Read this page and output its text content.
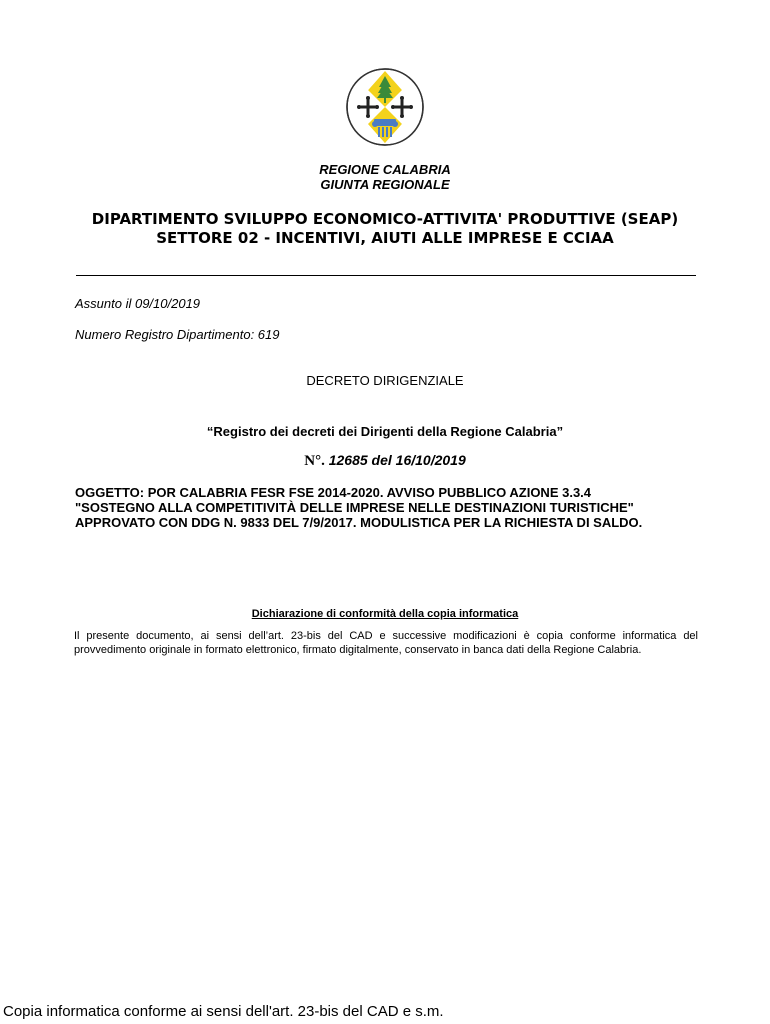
REGIONE CALABRIA
GIUNTA REGIONALE
DIPARTIMENTO SVILUPPO ECONOMICO-ATTIVITA' PRODUTTIVE (SEAP)
SETTORE 02 - INCENTIVI, AIUTI ALLE IMPRESE E CCIAA
Assunto il 09/10/2019
Numero Registro Dipartimento: 619
DECRETO DIRIGENZIALE
“Registro dei decreti dei Dirigenti della Regione Calabria”
N°. 12685 del 16/10/2019
OGGETTO: POR CALABRIA FESR FSE 2014-2020. AVVISO PUBBLICO AZIONE 3.3.4
"SOSTEGNO ALLA COMPETITIVITÀ DELLE IMPRESE NELLE DESTINAZIONI TURISTICHE"
APPROVATO CON DDG N. 9833 DEL 7/9/2017. MODULISTICA PER LA RICHIESTA DI SALDO.
Dichiarazione di conformità della copia informatica
Il presente documento, ai sensi dell’art. 23-bis del CAD e successive modificazioni è copia conforme informatica del provvedimento originale in formato elettronico, firmato digitalmente, conservato in banca dati della Regione Calabria.
Copia informatica conforme ai sensi dell'art. 23-bis del CAD e s.m.
